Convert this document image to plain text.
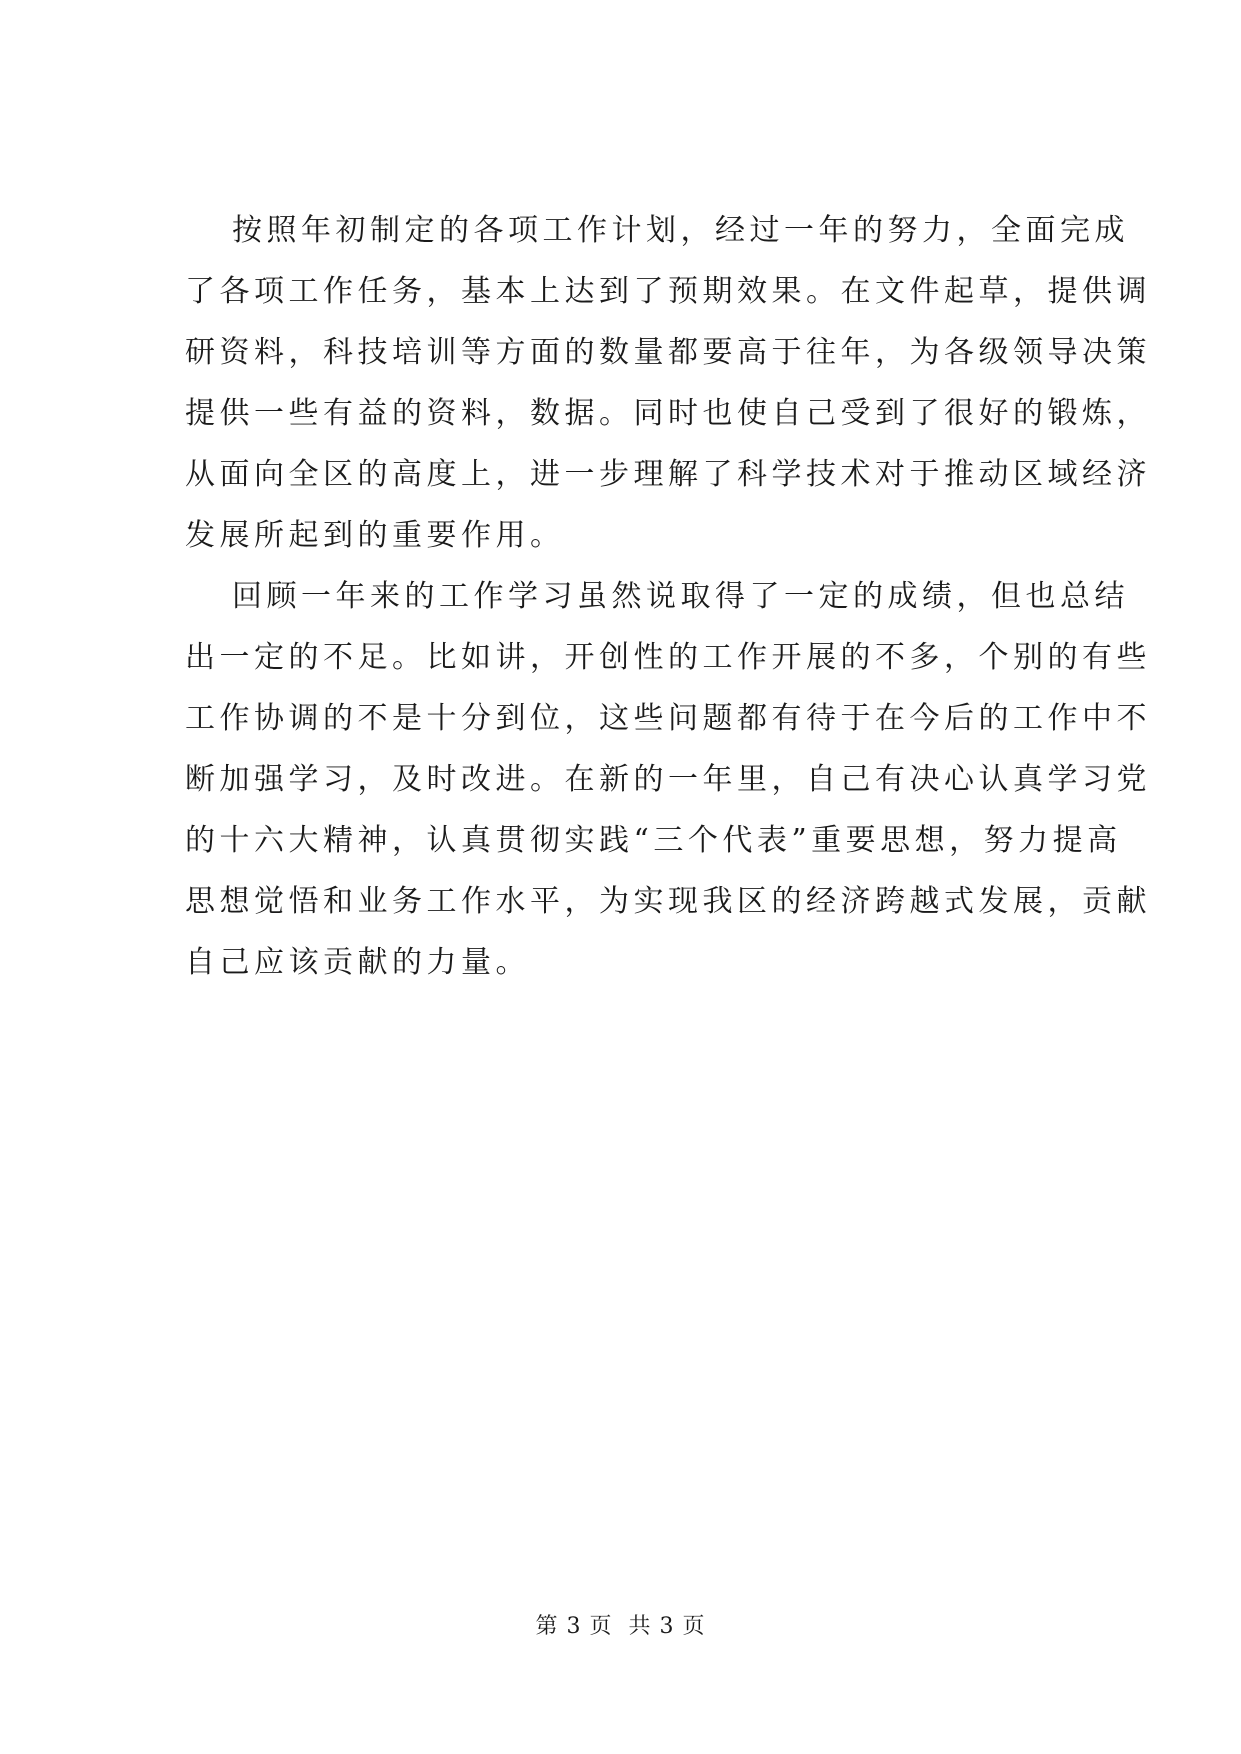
按照年初制定的各项工作计划，经过一年的努力，全面完成
了各项工作任务，基本上达到了预期效果。在文件起草，提供调
研资料，科技培训等方面的数量都要高于往年，为各级领导决策
提供一些有益的资料，数据。同时也使自己受到了很好的锻炼，
从面向全区的高度上，进一步理解了科学技术对于推动区域经济
发展所起到的重要作用。
回顾一年来的工作学习虽然说取得了一定的成绩，但也总结
出一定的不足。比如讲，开创性的工作开展的不多，个别的有些
工作协调的不是十分到位，这些问题都有待于在今后的工作中不
断加强学习，及时改进。在新的一年里，自己有决心认真学习党
的十六大精神，认真贯彻实践“三个代表”重要思想，努力提高
思想觉悟和业务工作水平，为实现我区的经济跨越式发展，贡献
自己应该贡献的力量。
第 3 页 共 3 页
